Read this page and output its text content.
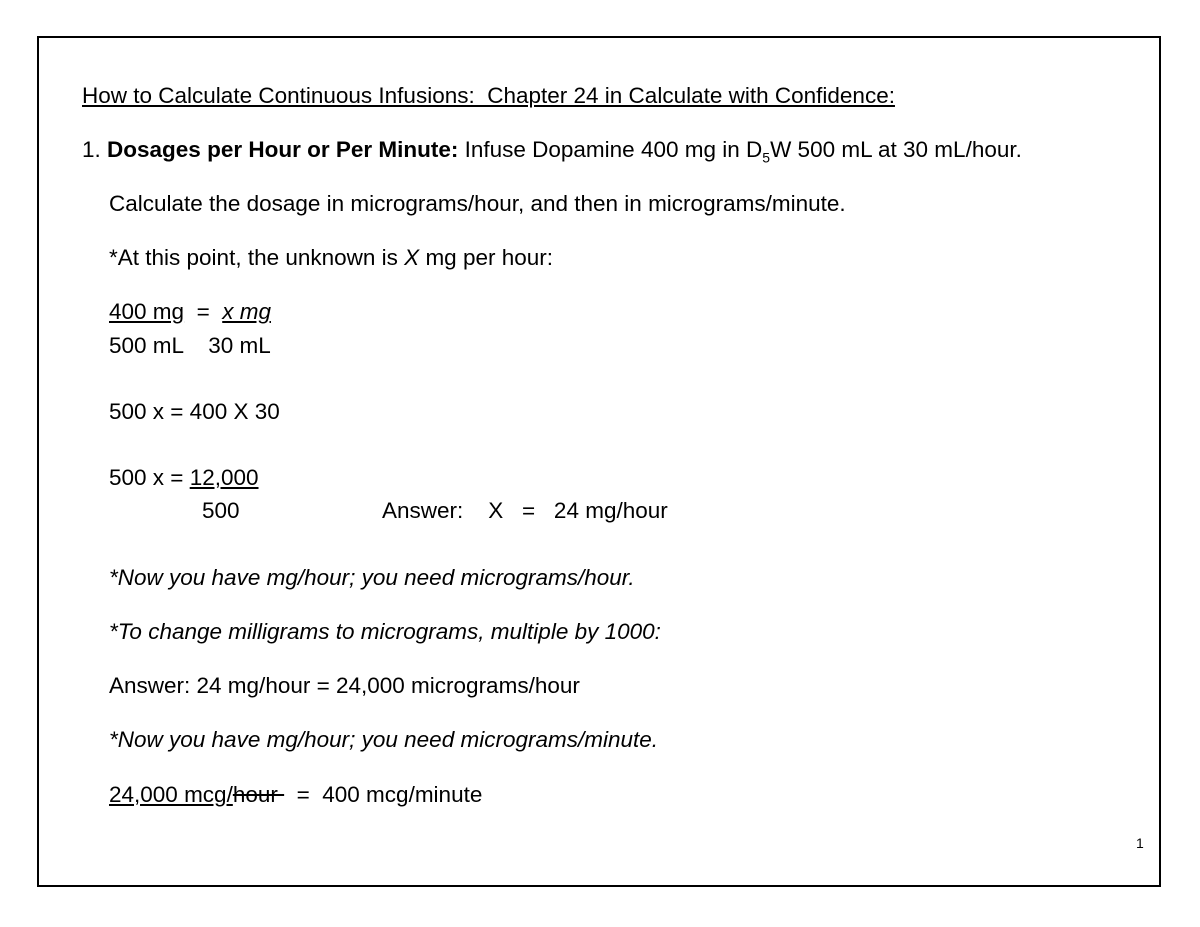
How to Calculate Continuous Infusions:  Chapter 24 in Calculate with Confidence:
1. Dosages per Hour or Per Minute: Infuse Dopamine 400 mg in $D_5W$ 500 mL at 30 mL/hour.
Calculate the dosage in micrograms/hour, and then in micrograms/minute.
*At this point, the unknown is X mg per hour:
400 mg  =  x mg
500 mL    30 mL
500 x = 400 X 30
500 x = 12,000
500	Answer:    X   =   24 mg/hour
*Now you have mg/hour; you need micrograms/hour.
*To change milligrams to micrograms, multiple by 1000:
Answer: 24 mg/hour = 24,000 micrograms/hour
*Now you have mg/hour; you need micrograms/minute.
24,000 mcg/hour   =  400 mcg/minute
1
